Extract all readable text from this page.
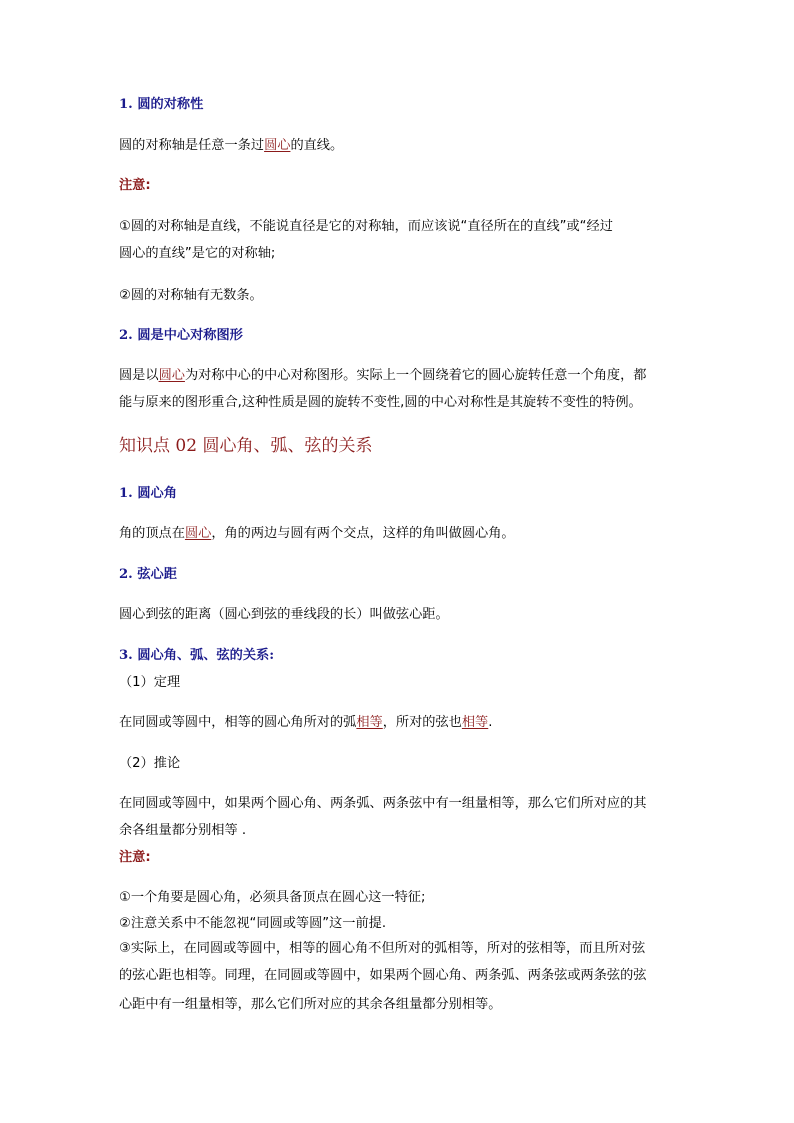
1. 圆的对称性
圆的对称轴是任意一条过圆心的直线。
注意:
①圆的对称轴是直线，不能说直径是它的对称轴，而应该说“直径所在的直线”或“经过
圆心的直线”是它的对称轴;
②圆的对称轴有无数条。
2. 圆是中心对称图形
圆是以圆心为对称中心的中心对称图形。实际上一个圆绕着它的圆心旋转任意一个角度，都
能与原来的图形重合,这种性质是圆的旋转不变性,圆的中心对称性是其旋转不变性的特例。
知识点 02 圆心角、弧、弦的关系
1. 圆心角
角的顶点在圆心，角的两边与圆有两个交点，这样的角叫做圆心角。
2. 弦心距
圆心到弦的距离（圆心到弦的垂线段的长）叫做弦心距。
3. 圆心角、弧、弦的关系:
（1）定理
在同圆或等圆中，相等的圆心角所对的弧相等，所对的弦也相等.
（2）推论
在同圆或等圆中，如果两个圆心角、两条弧、两条弦中有一组量相等，那么它们所对应的其
余各组量都分别相等 .
注意:
①一个角要是圆心角，必须具备顶点在圆心这一特征;
②注意关系中不能忽视“同圆或等圆”这一前提.
③实际上，在同圆或等圆中，相等的圆心角不但所对的弧相等，所对的弦相等，而且所对弦
的弦心距也相等。同理，在同圆或等圆中，如果两个圆心角、两条弧、两条弦或两条弦的弦
心距中有一组量相等，那么它们所对应的其余各组量都分别相等。
